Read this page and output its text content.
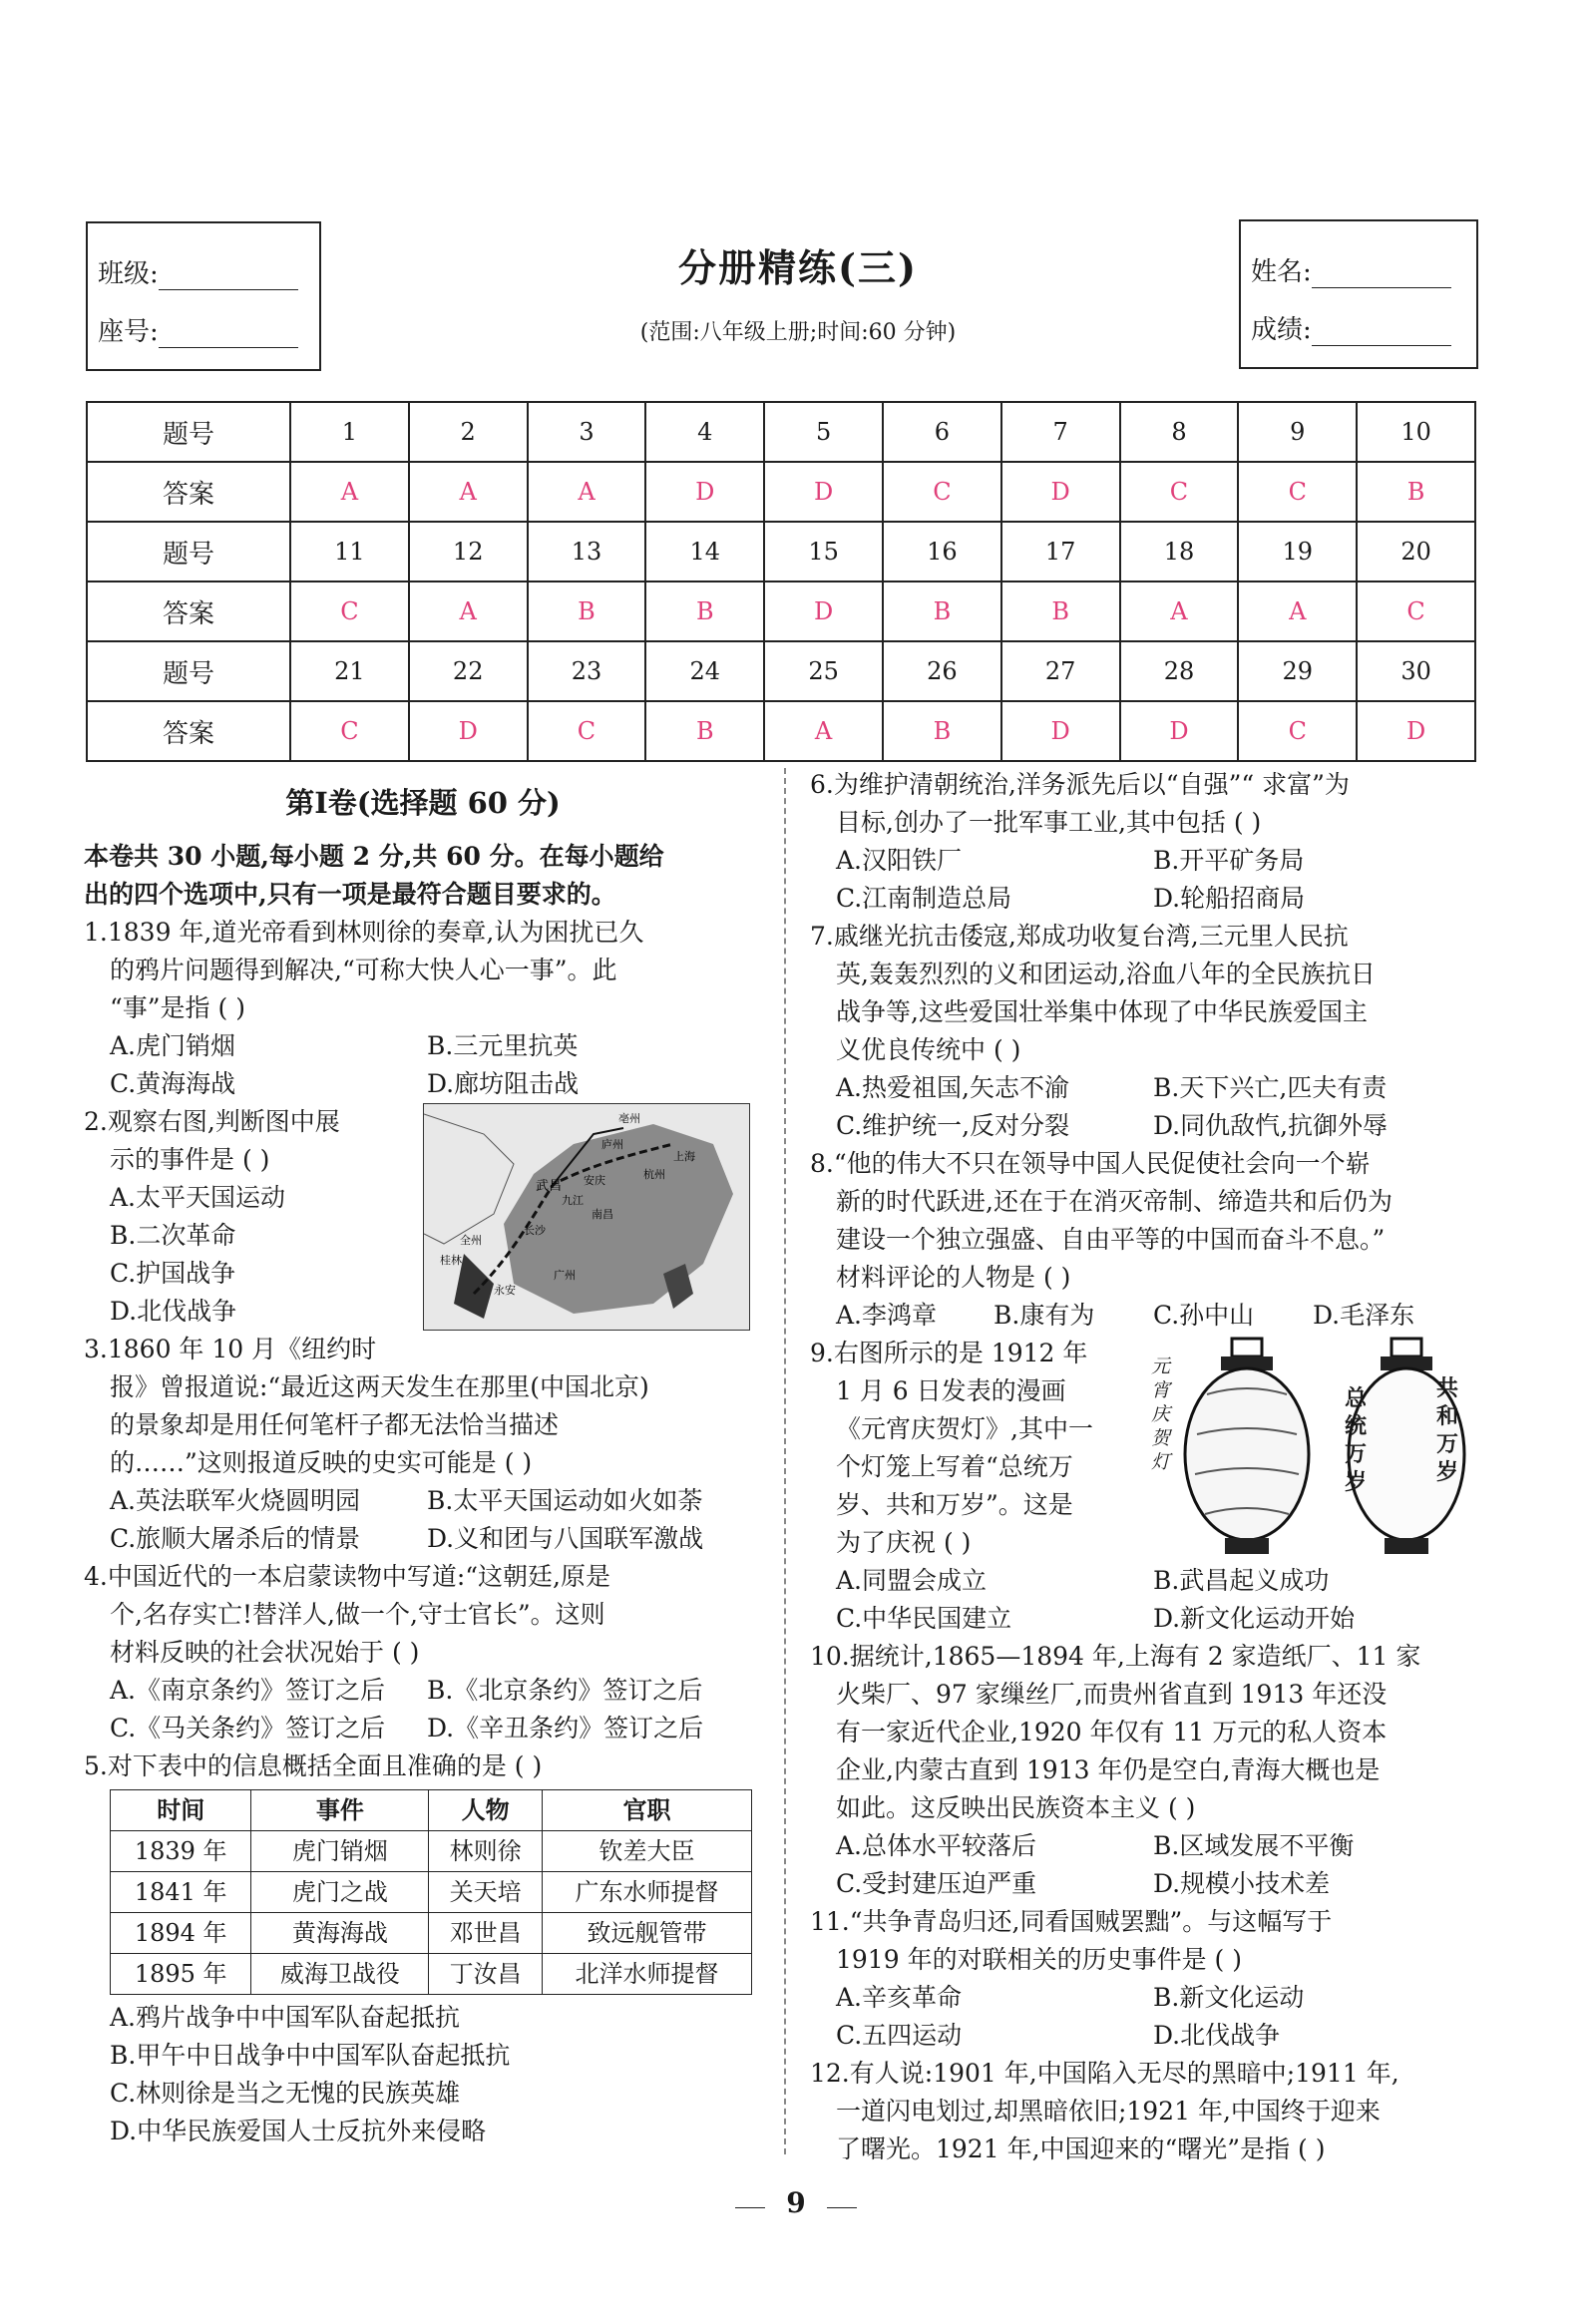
班级:
座号:
分册精练(三)
(范围:八年级上册;时间:60 分钟)
姓名:
成绩:
题号	1	2	3	4	5	6	7	8	9	10
答案	A	A	A	D	D	C	D	C	C	B
题号	11	12	13	14	15	16	17	18	19	20
答案	C	A	B	B	D	B	B	A	A	C
题号	21	22	23	24	25	26	27	28	29	30
答案	C	D	C	B	A	B	D	D	C	D
第Ⅰ卷(选择题 60 分)
本卷共 30 小题,每小题 2 分,共 60 分。在每小题给
出的四个选项中,只有一项是最符合题目要求的。
1.1839 年,道光帝看到林则徐的奏章,认为困扰已久
的鸦片问题得到解决,“可称大快人心一事”。此
“事”是指 ( )
A.虎门销烟	B.三元里抗英
C.黄海海战	D.廊坊阻击战
2.观察右图,判断图中展
示的事件是 ( )
A.太平天国运动
B.二次革命
C.护国战争
D.北伐战争
亳州
庐州
武昌 安庆	杭州
上海
九江
南昌
全州
桂林
长沙
广州
永安
3.1860 年 10 月《纽约时
报》曾报道说:“最近这两天发生在那里(中国北京)
的景象却是用任何笔杆子都无法恰当描述
的……”这则报道反映的史实可能是 ( )
A.英法联军火烧圆明园	B.太平天国运动如火如荼
C.旅顺大屠杀后的情景	D.义和团与八国联军激战
4.中国近代的一本启蒙读物中写道:“这朝廷,原是
个,名存实亡!替洋人,做一个,守士官长”。这则
材料反映的社会状况始于 ( )
A.《南京条约》签订之后	B.《北京条约》签订之后
C.《马关条约》签订之后	D.《辛丑条约》签订之后
5.对下表中的信息概括全面且准确的是 ( )
时间	事件	人物	官职
1839 年	虎门销烟	林则徐	钦差大臣
1841 年	虎门之战	关天培	广东水师提督
1894 年	黄海海战	邓世昌	致远舰管带
1895 年	威海卫战役	丁汝昌	北洋水师提督
A.鸦片战争中中国军队奋起抵抗
B.甲午中日战争中中国军队奋起抵抗
C.林则徐是当之无愧的民族英雄
D.中华民族爱国人士反抗外来侵略
6.为维护清朝统治,洋务派先后以“自强”“ 求富”为
目标,创办了一批军事工业,其中包括 ( )
A.汉阳铁厂	B.开平矿务局
C.江南制造总局	D.轮船招商局
7.戚继光抗击倭寇,郑成功收复台湾,三元里人民抗
英,轰轰烈烈的义和团运动,浴血八年的全民族抗日
战争等,这些爱国壮举集中体现了中华民族爱国主
义优良传统中 ( )
A.热爱祖国,矢志不渝	B.天下兴亡,匹夫有责
C.维护统一,反对分裂	D.同仇敌忾,抗御外辱
8.“他的伟大不只在领导中国人民促使社会向一个崭
新的时代跃进,还在于在消灭帝制、缔造共和后仍为
建设一个独立强盛、自由平等的中国而奋斗不息。”
材料评论的人物是 ( )
A.李鸿章	B.康有为	C.孙中山	D.毛泽东
9.右图所示的是 1912 年
1 月 6 日发表的漫画
《元宵庆贺灯》,其中一
个灯笼上写着“总统万
岁、共和万岁”。这是
为了庆祝 ( )
A.同盟会成立	B.武昌起义成功
C.中华民国建立	D.新文化运动开始
元宵庆贺灯
总统万岁
共和万岁
10.据统计,1865—1894 年,上海有 2 家造纸厂、11 家
火柴厂、97 家缫丝厂,而贵州省直到 1913 年还没
有一家近代企业,1920 年仅有 11 万元的私人资本
企业,内蒙古直到 1913 年仍是空白,青海大概也是
如此。这反映出民族资本主义 ( )
A.总体水平较落后	B.区域发展不平衡
C.受封建压迫严重	D.规模小技术差
11.“共争青岛归还,同看国贼罢黜”。与这幅写于
1919 年的对联相关的历史事件是 ( )
A.辛亥革命	B.新文化运动
C.五四运动	D.北伐战争
12.有人说:1901 年,中国陷入无尽的黑暗中;1911 年,
一道闪电划过,却黑暗依旧;1921 年,中国终于迎来
了曙光。1921 年,中国迎来的“曙光”是指 ( )
9
